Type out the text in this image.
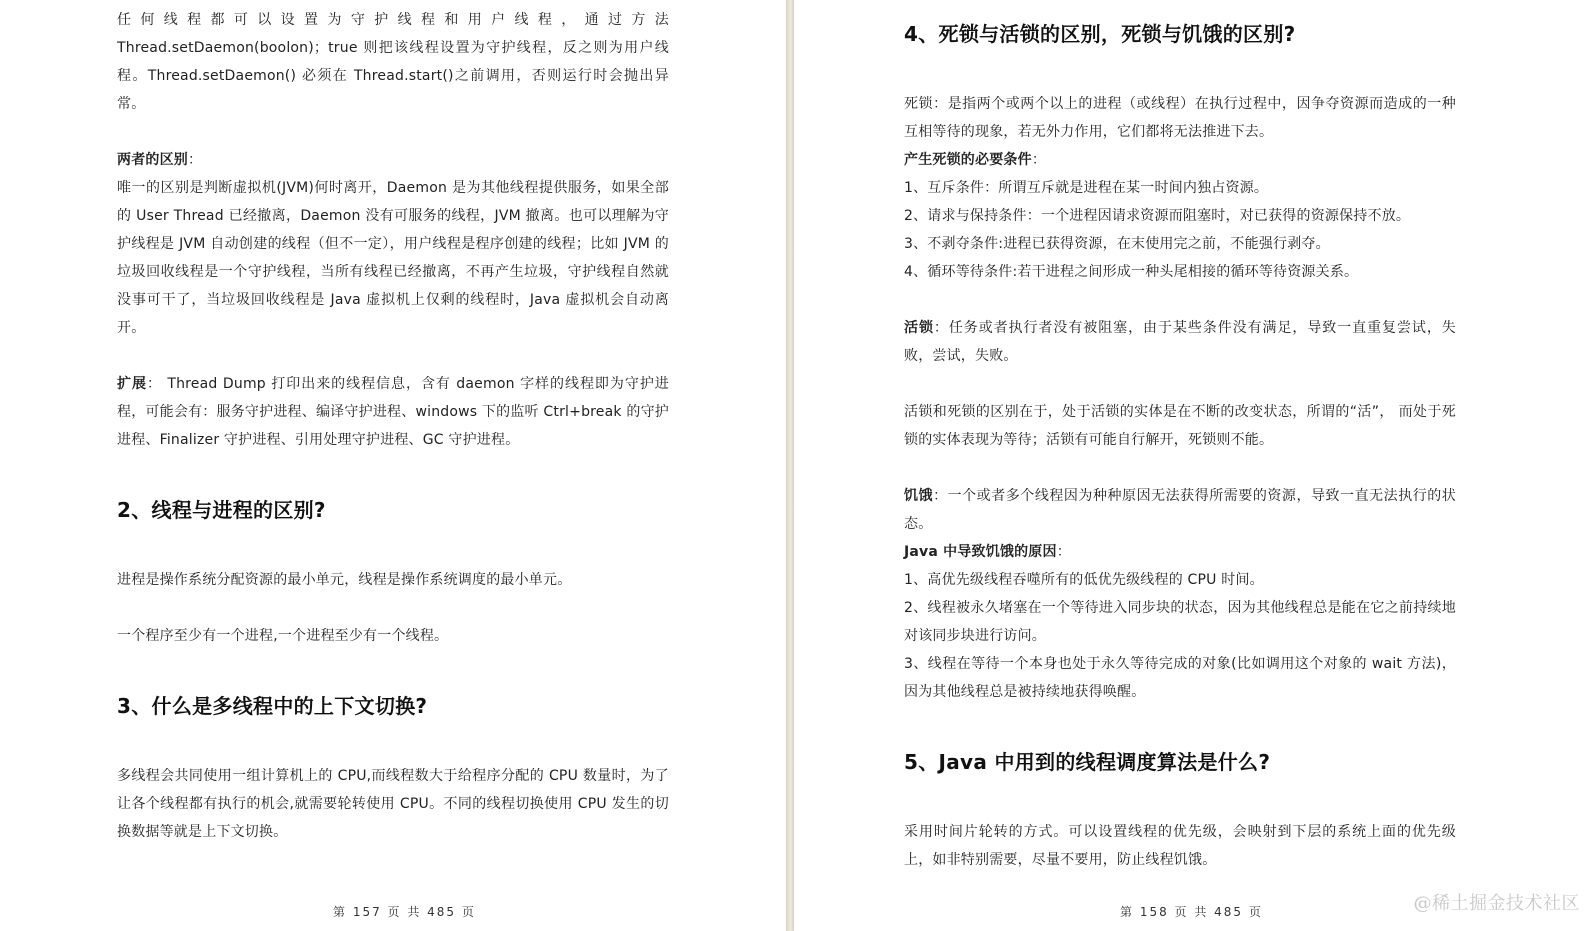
任何线程都可以设置为守护线程和用户线程，通过方法 Thread.setDaemon(boolon)；true 则把该线程设置为守护线程，反之则为用户线程。Thread.setDaemon() 必须在 Thread.start()之前调用，否则运行时会抛出异常。

两者的区别：

唯一的区别是判断虚拟机(JVM)何时离开，Daemon 是为其他线程提供服务，如果全部的 User Thread 已经撤离，Daemon 没有可服务的线程，JVM 撤离。也可以理解为守护线程是 JVM 自动创建的线程（但不一定），用户线程是程序创建的线程；比如 JVM 的垃圾回收线程是一个守护线程，当所有线程已经撤离，不再产生垃圾，守护线程自然就没事可干了，当垃圾回收线程是 Java 虚拟机上仅剩的线程时，Java 虚拟机会自动离开。

扩展： Thread Dump 打印出来的线程信息，含有 daemon 字样的线程即为守护进程，可能会有：服务守护进程、编译守护进程、windows 下的监听 Ctrl+break 的守护进程、Finalizer 守护进程、引用处理守护进程、GC 守护进程。

2、线程与进程的区别?

进程是操作系统分配资源的最小单元，线程是操作系统调度的最小单元。

一个程序至少有一个进程,一个进程至少有一个线程。

3、什么是多线程中的上下文切换?

多线程会共同使用一组计算机上的 CPU,而线程数大于给程序分配的 CPU 数量时，为了让各个线程都有执行的机会,就需要轮转使用 CPU。不同的线程切换使用 CPU 发生的切换数据等就是上下文切换。

第 157 页 共 485 页

4、死锁与活锁的区别，死锁与饥饿的区别?

死锁：是指两个或两个以上的进程（或线程）在执行过程中，因争夺资源而造成的一种互相等待的现象，若无外力作用，它们都将无法推进下去。

产生死锁的必要条件：

1、互斥条件：所谓互斥就是进程在某一时间内独占资源。

2、请求与保持条件：一个进程因请求资源而阻塞时，对已获得的资源保持不放。

3、不剥夺条件:进程已获得资源，在末使用完之前，不能强行剥夺。

4、循环等待条件:若干进程之间形成一种头尾相接的循环等待资源关系。

活锁：任务或者执行者没有被阻塞，由于某些条件没有满足，导致一直重复尝试，失败，尝试，失败。

活锁和死锁的区别在于，处于活锁的实体是在不断的改变状态，所谓的“活”， 而处于死锁的实体表现为等待；活锁有可能自行解开，死锁则不能。

饥饿：一个或者多个线程因为种种原因无法获得所需要的资源，导致一直无法执行的状态。

Java 中导致饥饿的原因：

1、高优先级线程吞噬所有的低优先级线程的 CPU 时间。

2、线程被永久堵塞在一个等待进入同步块的状态，因为其他线程总是能在它之前持续地对该同步块进行访问。

3、线程在等待一个本身也处于永久等待完成的对象(比如调用这个对象的 wait 方法)，因为其他线程总是被持续地获得唤醒。

5、Java 中用到的线程调度算法是什么?

采用时间片轮转的方式。可以设置线程的优先级，会映射到下层的系统上面的优先级上，如非特别需要，尽量不要用，防止线程饥饿。

第 158 页 共 485 页	@稀土掘金技术社区
